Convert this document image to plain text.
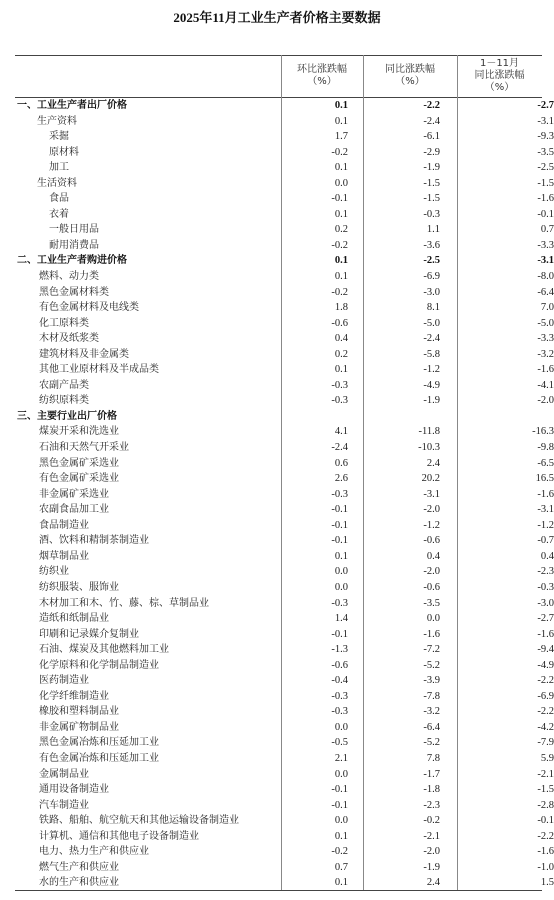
2025年11月工业生产者价格主要数据
环比涨跌幅
（%）
同比涨跌幅
（%）
1－11月
同比涨跌幅
（%）
一、工业生产者出厂价格	0.1	-2.2	-2.7
生产资料	0.1	-2.4	-3.1
采掘	1.7	-6.1	-9.3
原材料	-0.2	-2.9	-3.5
加工	0.1	-1.9	-2.5
生活资料	0.0	-1.5	-1.5
食品	-0.1	-1.5	-1.6
衣着	0.1	-0.3	-0.1
一般日用品	0.2	1.1	0.7
耐用消费品	-0.2	-3.6	-3.3
二、工业生产者购进价格	0.1	-2.5	-3.1
燃料、动力类	0.1	-6.9	-8.0
黑色金属材料类	-0.2	-3.0	-6.4
有色金属材料及电线类	1.8	8.1	7.0
化工原料类	-0.6	-5.0	-5.0
木材及纸浆类	0.4	-2.4	-3.3
建筑材料及非金属类	0.2	-5.8	-3.2
其他工业原材料及半成品类	0.1	-1.2	-1.6
农副产品类	-0.3	-4.9	-4.1
纺织原料类	-0.3	-1.9	-2.0
三、主要行业出厂价格
煤炭开采和洗选业	4.1	-11.8	-16.3
石油和天然气开采业	-2.4	-10.3	-9.8
黑色金属矿采选业	0.6	2.4	-6.5
有色金属矿采选业	2.6	20.2	16.5
非金属矿采选业	-0.3	-3.1	-1.6
农副食品加工业	-0.1	-2.0	-3.1
食品制造业	-0.1	-1.2	-1.2
酒、饮料和精制茶制造业	-0.1	-0.6	-0.7
烟草制品业	0.1	0.4	0.4
纺织业	0.0	-2.0	-2.3
纺织服装、服饰业	0.0	-0.6	-0.3
木材加工和木、竹、藤、棕、草制品业	-0.3	-3.5	-3.0
造纸和纸制品业	1.4	0.0	-2.7
印刷和记录媒介复制业	-0.1	-1.6	-1.6
石油、煤炭及其他燃料加工业	-1.3	-7.2	-9.4
化学原料和化学制品制造业	-0.6	-5.2	-4.9
医药制造业	-0.4	-3.9	-2.2
化学纤维制造业	-0.3	-7.8	-6.9
橡胶和塑料制品业	-0.3	-3.2	-2.2
非金属矿物制品业	0.0	-6.4	-4.2
黑色金属冶炼和压延加工业	-0.5	-5.2	-7.9
有色金属冶炼和压延加工业	2.1	7.8	5.9
金属制品业	0.0	-1.7	-2.1
通用设备制造业	-0.1	-1.8	-1.5
汽车制造业	-0.1	-2.3	-2.8
铁路、船舶、航空航天和其他运输设备制造业	0.0	-0.2	-0.1
计算机、通信和其他电子设备制造业	0.1	-2.1	-2.2
电力、热力生产和供应业	-0.2	-2.0	-1.6
燃气生产和供应业	0.7	-1.9	-1.0
水的生产和供应业	0.1	2.4	1.5
